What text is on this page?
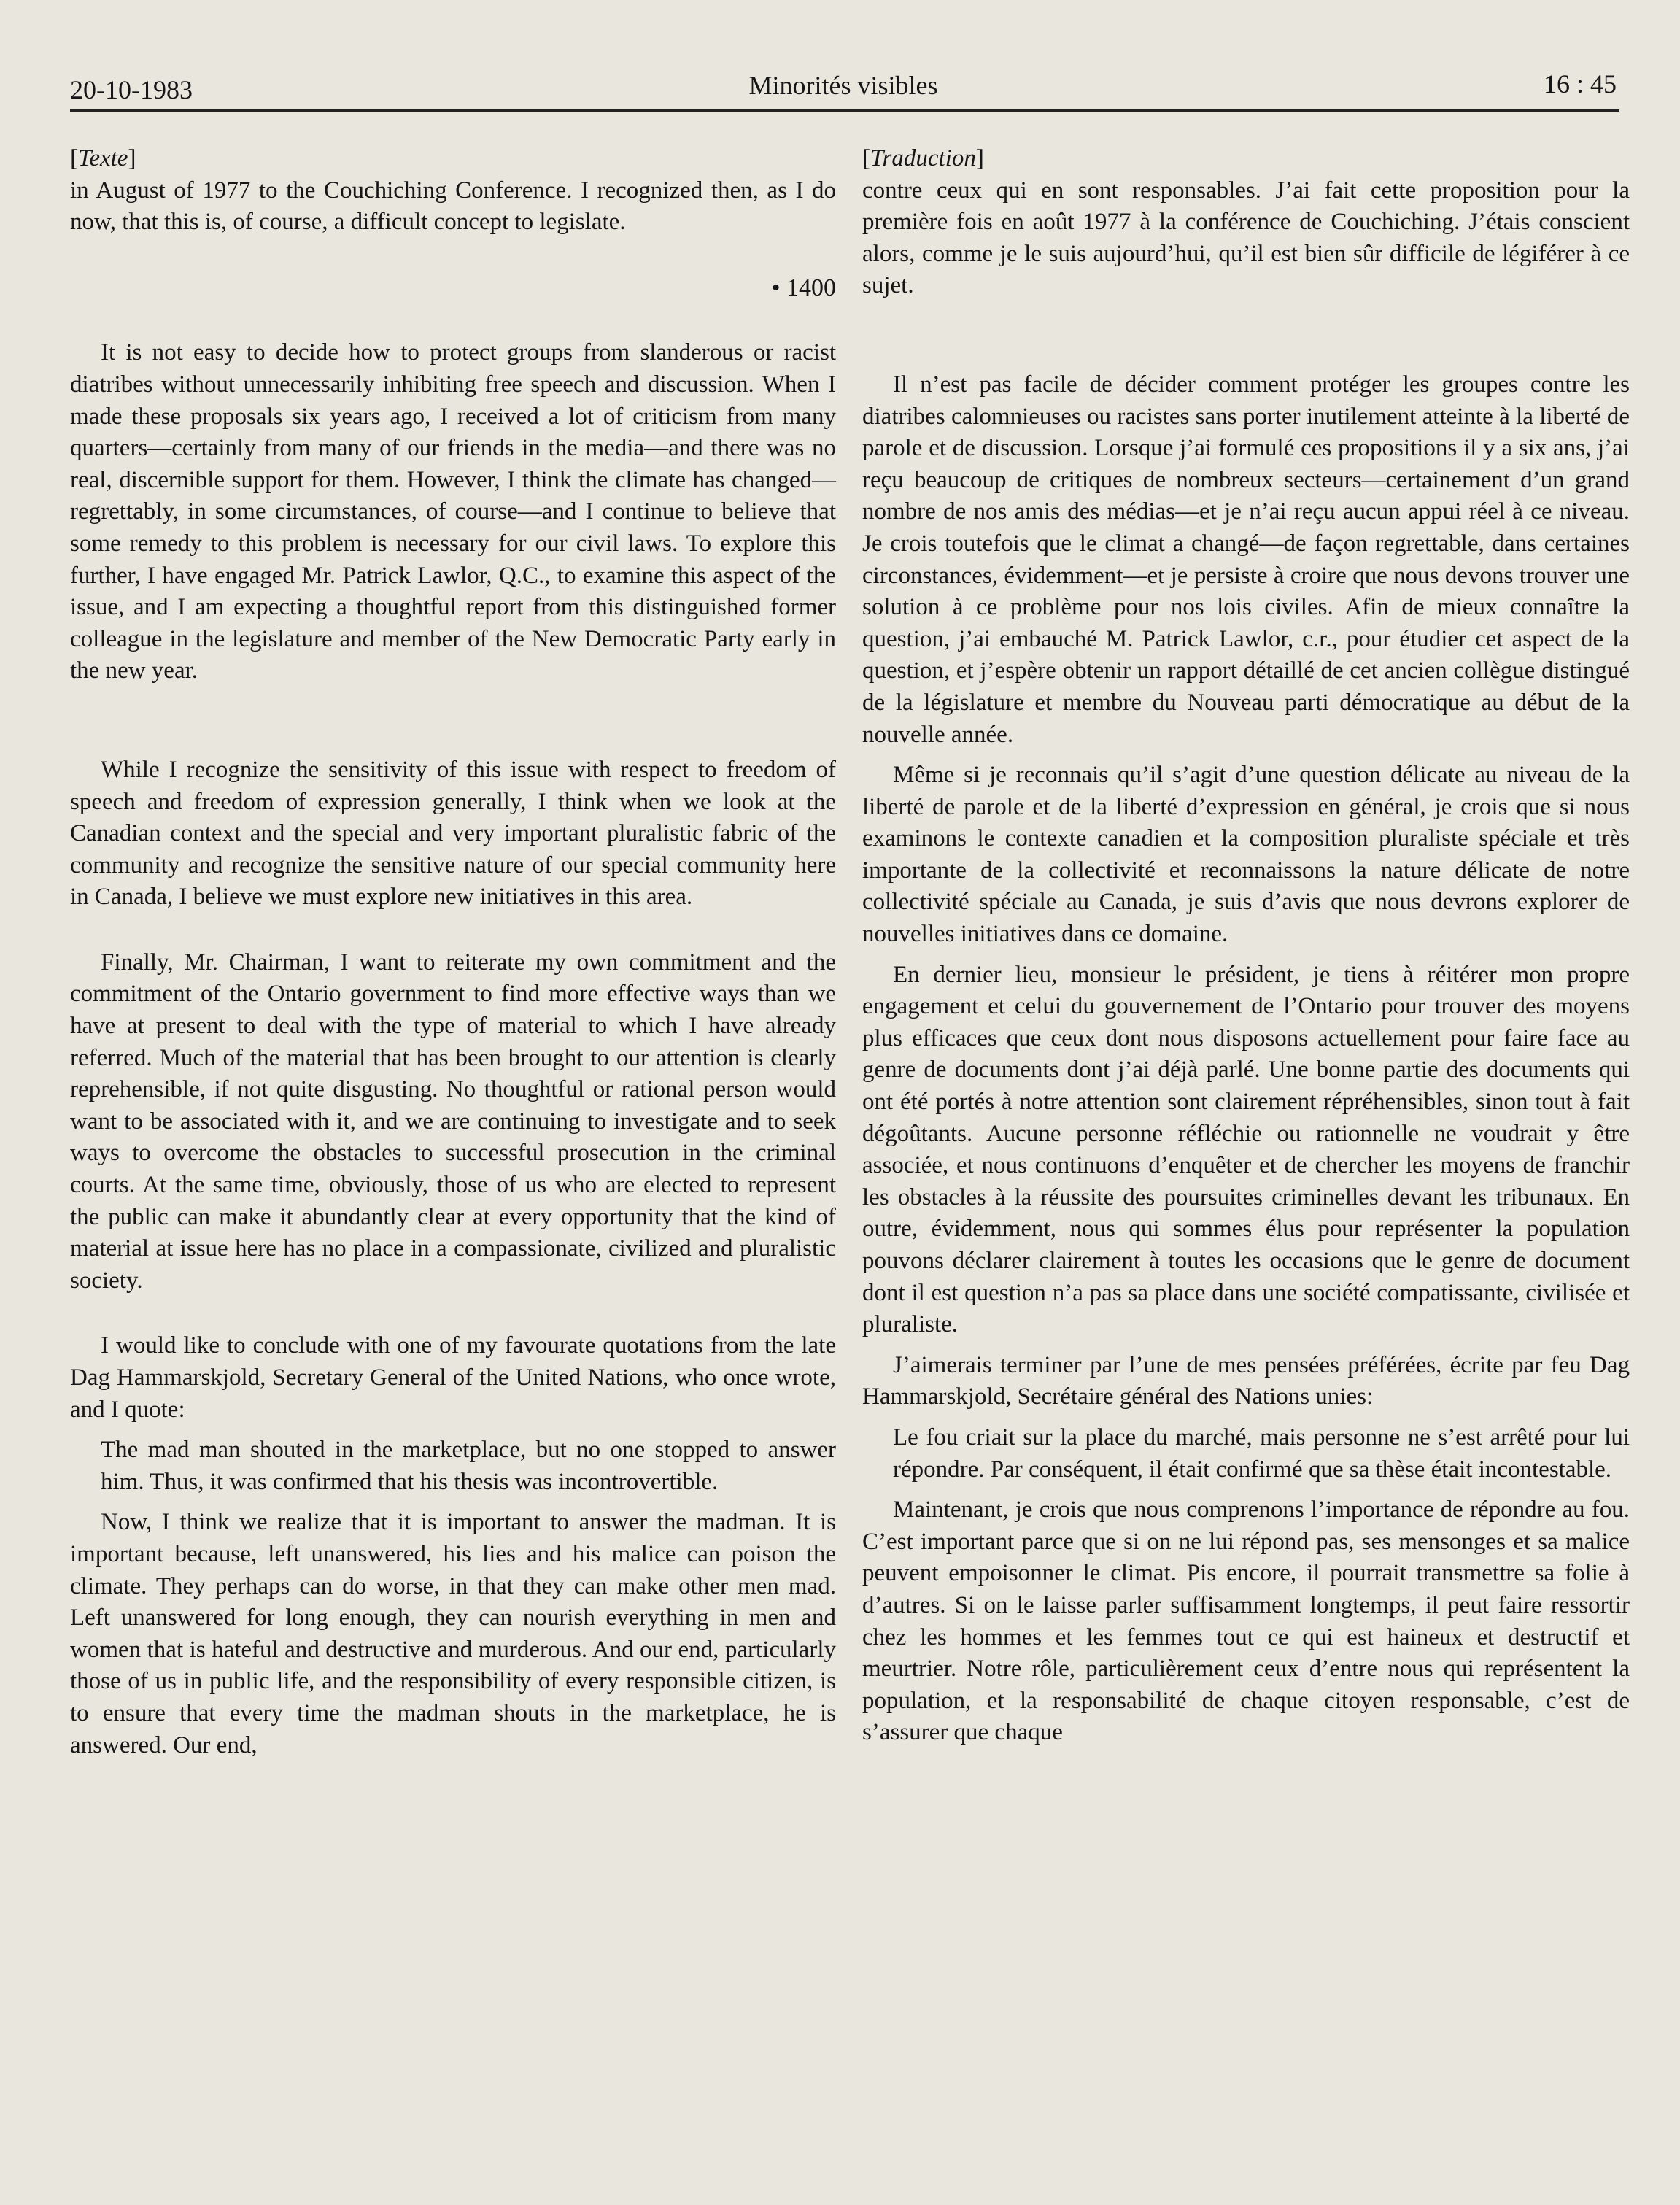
20-10-1983	Minorités visibles	16 : 45
[Texte]

in August of 1977 to the Couchiching Conference. I recognized then, as I do now, that this is, of course, a difficult concept to legislate.

• 1400

It is not easy to decide how to protect groups from slanderous or racist diatribes without unnecessarily inhibiting free speech and discussion. When I made these proposals six years ago, I received a lot of criticism from many quarters—certainly from many of our friends in the media—and there was no real, discernible support for them. However, I think the climate has changed—regrettably, in some circumstances, of course—and I continue to believe that some remedy to this problem is necessary for our civil laws. To explore this further, I have engaged Mr. Patrick Lawlor, Q.C., to examine this aspect of the issue, and I am expecting a thoughtful report from this distinguished former colleague in the legislature and member of the New Democratic Party early in the new year.

While I recognize the sensitivity of this issue with respect to freedom of speech and freedom of expression generally, I think when we look at the Canadian context and the special and very important pluralistic fabric of the community and recognize the sensitive nature of our special community here in Canada, I believe we must explore new initiatives in this area.

Finally, Mr. Chairman, I want to reiterate my own commitment and the commitment of the Ontario government to find more effective ways than we have at present to deal with the type of material to which I have already referred. Much of the material that has been brought to our attention is clearly reprehensible, if not quite disgusting. No thoughtful or rational person would want to be associated with it, and we are continuing to investigate and to seek ways to overcome the obstacles to successful prosecution in the criminal courts. At the same time, obviously, those of us who are elected to represent the public can make it abundantly clear at every opportunity that the kind of material at issue here has no place in a compassionate, civilized and pluralistic society.

I would like to conclude with one of my favourate quotations from the late Dag Hammarskjold, Secretary General of the United Nations, who once wrote, and I quote:

The mad man shouted in the marketplace, but no one stopped to answer him. Thus, it was confirmed that his thesis was incontrovertible.

Now, I think we realize that it is important to answer the madman. It is important because, left unanswered, his lies and his malice can poison the climate. They perhaps can do worse, in that they can make other men mad. Left unanswered for long enough, they can nourish everything in men and women that is hateful and destructive and murderous. And our end, particularly those of us in public life, and the responsibility of every responsible citizen, is to ensure that every time the madman shouts in the marketplace, he is answered. Our end,

[Traduction]

contre ceux qui en sont responsables. J’ai fait cette proposition pour la première fois en août 1977 à la conférence de Couchiching. J’étais conscient alors, comme je le suis aujourd’hui, qu’il est bien sûr difficile de légiférer à ce sujet.

Il n’est pas facile de décider comment protéger les groupes contre les diatribes calomnieuses ou racistes sans porter inutilement atteinte à la liberté de parole et de discussion. Lorsque j’ai formulé ces propositions il y a six ans, j’ai reçu beaucoup de critiques de nombreux secteurs—certainement d’un grand nombre de nos amis des médias—et je n’ai reçu aucun appui réel à ce niveau. Je crois toutefois que le climat a changé—de façon regrettable, dans certaines circonstances, évidemment—et je persiste à croire que nous devons trouver une solution à ce problème pour nos lois civiles. Afin de mieux connaître la question, j’ai embauché M. Patrick Lawlor, c.r., pour étudier cet aspect de la question, et j’espère obtenir un rapport détaillé de cet ancien collègue distingué de la législature et membre du Nouveau parti démocratique au début de la nouvelle année.

Même si je reconnais qu’il s’agit d’une question délicate au niveau de la liberté de parole et de la liberté d’expression en général, je crois que si nous examinons le contexte canadien et la composition pluraliste spéciale et très importante de la collectivité et reconnaissons la nature délicate de notre collectivité spéciale au Canada, je suis d’avis que nous devrons explorer de nouvelles initiatives dans ce domaine.

En dernier lieu, monsieur le président, je tiens à réitérer mon propre engagement et celui du gouvernement de l’Ontario pour trouver des moyens plus efficaces que ceux dont nous disposons actuellement pour faire face au genre de documents dont j’ai déjà parlé. Une bonne partie des documents qui ont été portés à notre attention sont clairement répréhensibles, sinon tout à fait dégoûtants. Aucune personne réfléchie ou rationnelle ne voudrait y être associée, et nous continuons d’enquêter et de chercher les moyens de franchir les obstacles à la réussite des poursuites criminelles devant les tribunaux. En outre, évidemment, nous qui sommes élus pour représenter la population pouvons déclarer clairement à toutes les occasions que le genre de document dont il est question n’a pas sa place dans une société compatissante, civilisée et pluraliste.

J’aimerais terminer par l’une de mes pensées préférées, écrite par feu Dag Hammarskjold, Secrétaire général des Nations unies:

Le fou criait sur la place du marché, mais personne ne s’est arrêté pour lui répondre. Par conséquent, il était confirmé que sa thèse était incontestable.

Maintenant, je crois que nous comprenons l’importance de répondre au fou. C’est important parce que si on ne lui répond pas, ses mensonges et sa malice peuvent empoisonner le climat. Pis encore, il pourrait transmettre sa folie à d’autres. Si on le laisse parler suffisamment longtemps, il peut faire ressortir chez les hommes et les femmes tout ce qui est haineux et destructif et meurtrier. Notre rôle, particulièrement ceux d’entre nous qui représentent la population, et la responsabilité de chaque citoyen responsable, c’est de s’assurer que chaque
